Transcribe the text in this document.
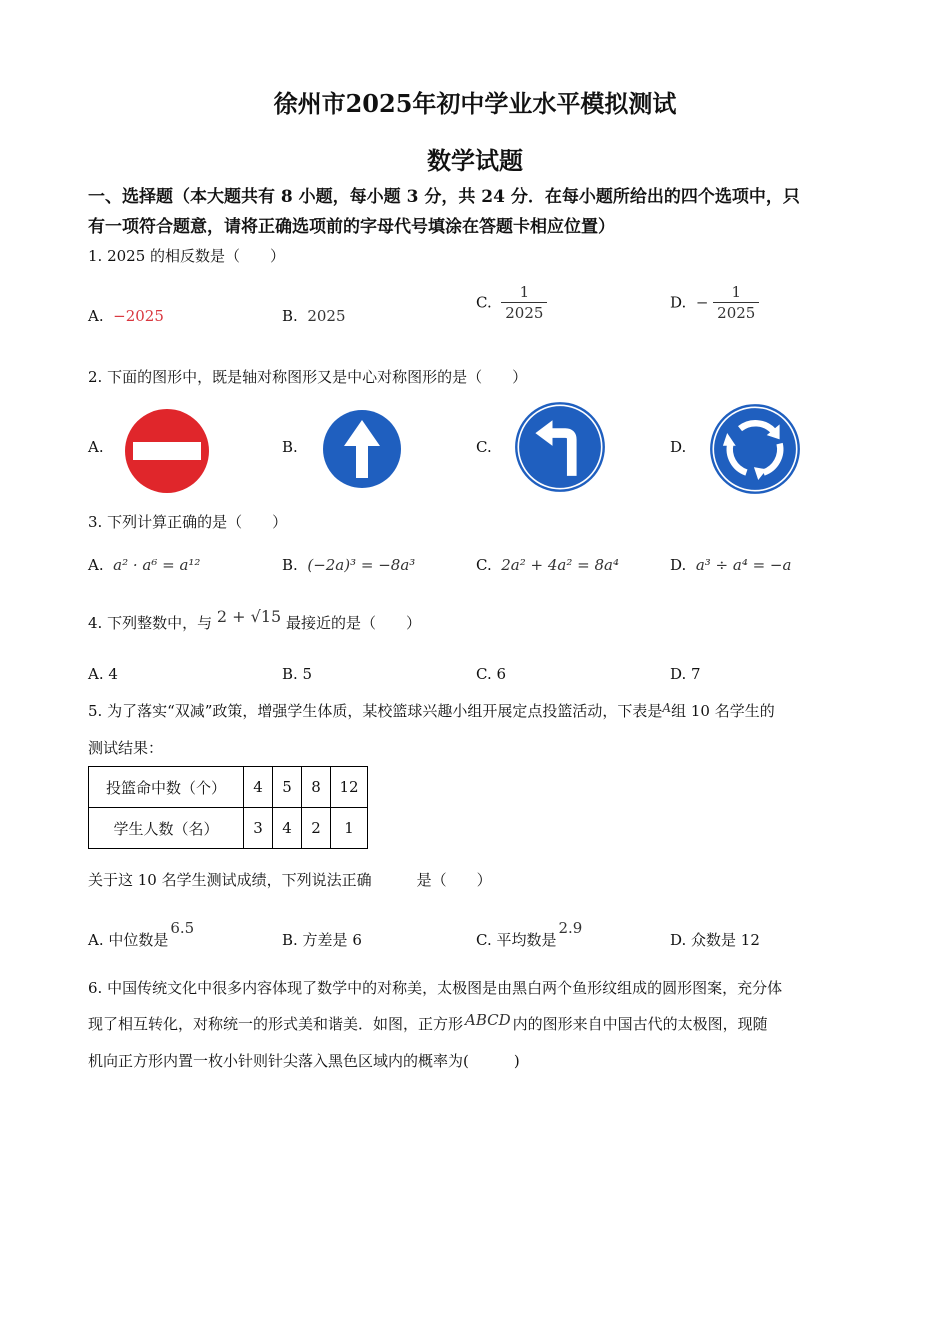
徐州市2025年初中学业水平模拟测试
数学试题
一、选择题（本大题共有 8 小题，每小题 3 分，共 24 分．在每小题所给出的四个选项中，只
有一项符合题意，请将正确选项前的字母代号填涂在答题卡相应位置）
1. 2025 的相反数是（　　）
A. −2025	B. 2025
C. $\frac{1}{2025}$	D. − $\frac{1}{2025}$
2. 下面的图形中，既是轴对称图形又是中心对称图形的是（　　）
A.	B.	C.	D.
3. 下列计算正确的是（　　）
A. a² · a⁶ = a¹²	B. (−2a)³ = −8a³	C. 2a² + 4a² = 8a⁴	D. a³ ÷ a⁴ = −a
4. 下列整数中，与 2 + √15 最接近的是（　　）
A. 4	B. 5	C. 6	D. 7
5. 为了落实“双减”政策，增强学生体质，某校篮球兴趣小组开展定点投篮活动，下表是$^A$组 10 名学生的
测试结果：
投篮命中数（个）	4	5	8	12
学生人数（名）	3	4	2	1
关于这 10 名学生测试成绩，下列说法正确　　　是（　　）
A. 中位数是6.5
B. 方差是 6	C. 平均数是2.9
D. 众数是 12
6. 中国传统文化中很多内容体现了数学中的对称美，太极图是由黑白两个鱼形纹组成的圆形图案，充分体
现了相互转化，对称统一的形式美和谐美．如图，正方形 ABCD 内的图形来自中国古代的太极图，现随
机向正方形内置一枚小针则针尖落入黑色区域内的概率为(　　　)
